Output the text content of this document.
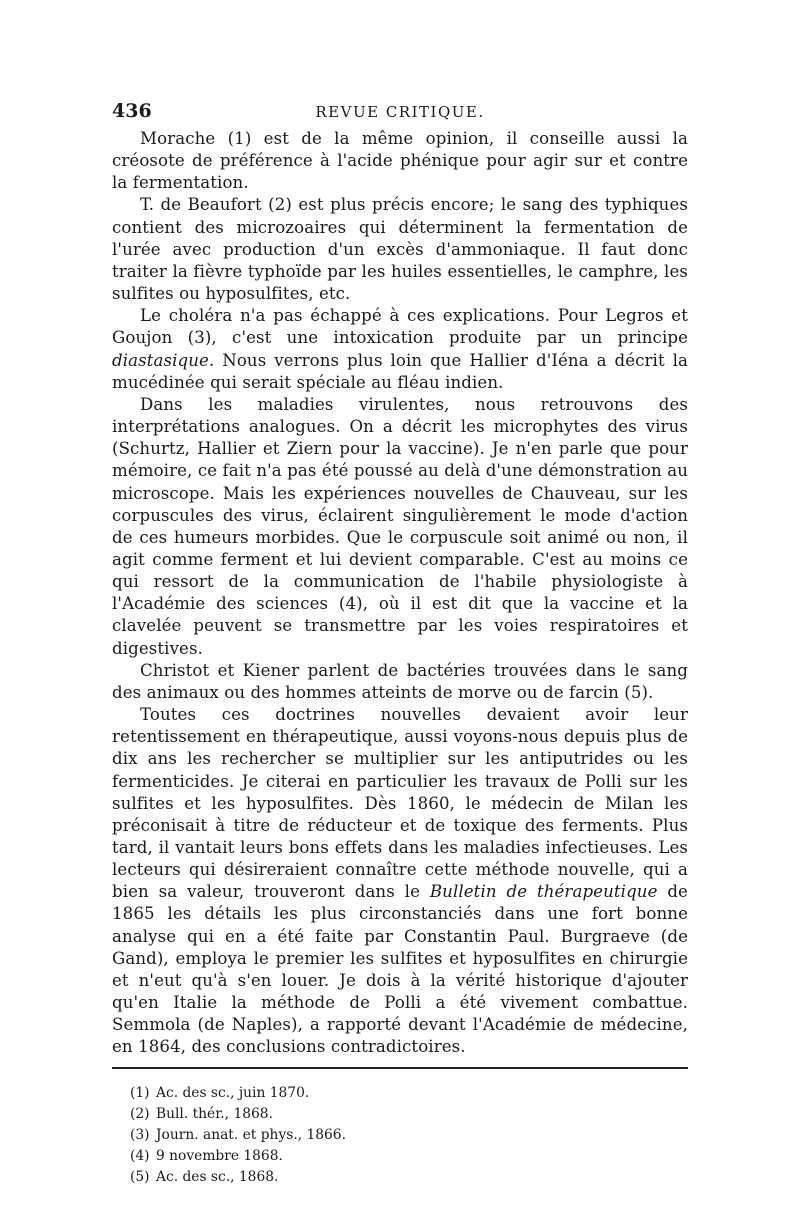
436	REVUE CRITIQUE.

Morache (1) est de la même opinion, il conseille aussi la créosote de préférence à l'acide phénique pour agir sur et contre la fermentation.

T. de Beaufort (2) est plus précis encore; le sang des typhiques contient des microzoaires qui déterminent la fermentation de l'urée avec production d'un excès d'ammoniaque. Il faut donc traiter la fièvre typhoïde par les huiles essentielles, le camphre, les sulfites ou hyposulfites, etc.

Le choléra n'a pas échappé à ces explications. Pour Legros et Goujon (3), c'est une intoxication produite par un principe diastasique. Nous verrons plus loin que Hallier d'Iéna a décrit la mucédinée qui serait spéciale au fléau indien.

Dans les maladies virulentes, nous retrouvons des interprétations analogues. On a décrit les microphytes des virus (Schurtz, Hallier et Ziern pour la vaccine). Je n'en parle que pour mémoire, ce fait n'a pas été poussé au delà d'une démonstration au microscope. Mais les expériences nouvelles de Chauveau, sur les corpuscules des virus, éclairent singulièrement le mode d'action de ces humeurs morbides. Que le corpuscule soit animé ou non, il agit comme ferment et lui devient comparable. C'est au moins ce qui ressort de la communication de l'habile physiologiste à l'Académie des sciences (4), où il est dit que la vaccine et la clavelée peuvent se transmettre par les voies respiratoires et digestives.

Christot et Kiener parlent de bactéries trouvées dans le sang des animaux ou des hommes atteints de morve ou de farcin (5).

Toutes ces doctrines nouvelles devaient avoir leur retentissement en thérapeutique, aussi voyons-nous depuis plus de dix ans les rechercher se multiplier sur les antiputrides ou les fermenticides. Je citerai en particulier les travaux de Polli sur les sulfites et les hyposulfites. Dès 1860, le médecin de Milan les préconisait à titre de réducteur et de toxique des ferments. Plus tard, il vantait leurs bons effets dans les maladies infectieuses. Les lecteurs qui désireraient connaître cette méthode nouvelle, qui a bien sa valeur, trouveront dans le Bulletin de thérapeutique de 1865 les détails les plus circonstanciés dans une fort bonne analyse qui en a été faite par Constantin Paul. Burgraeve (de Gand), employa le premier les sulfites et hyposulfites en chirurgie et n'eut qu'à s'en louer. Je dois à la vérité historique d'ajouter qu'en Italie la méthode de Polli a été vivement combattue. Semmola (de Naples), a rapporté devant l'Académie de médecine, en 1864, des conclusions contradictoires.

(1) Ac. des sc., juin 1870.
(2) Bull. thér., 1868.
(3) Journ. anat. et phys., 1866.
(4) 9 novembre 1868.
(5) Ac. des sc., 1868.
